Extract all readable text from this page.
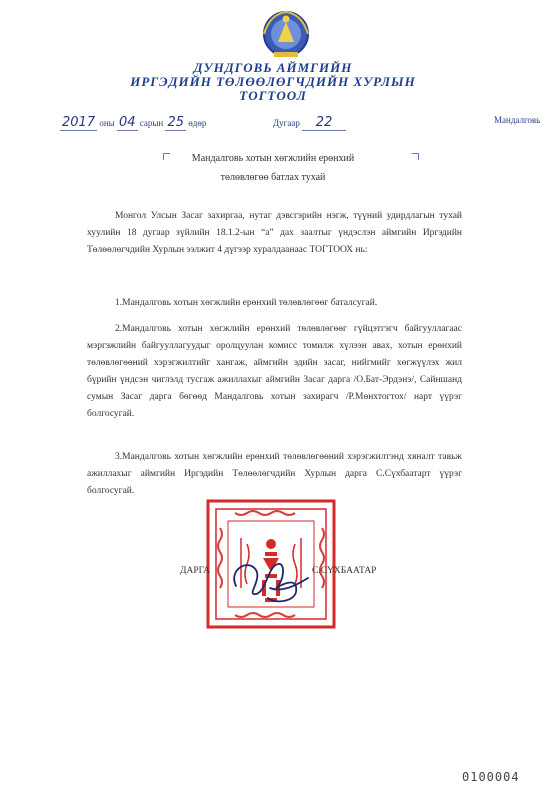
ДУНДГОВЬ АЙМГИЙН
ИРГЭДИЙН ТӨЛӨӨЛӨГЧДИЙН ХУРЛЫН
ТОГТООЛ
2017 оны 04 сарын 25 өдөр	Дугаар 22	Мандалговь
Мандалговь хотын хөгжлийн ерөнхий
төлөвлөгөө батлах тухай
Монгол Улсын Засаг захиргаа, нутаг дэвсгэрийн нэгж, түүний удирдлагын тухай хуулийн 18 дугаар зүйлийн 18.1.2-ын “а” дах заалтыг үндэслэн аймгийн Иргэдийн Төлөөлөгчдийн Хурлын ээлжит 4 дүгээр хуралдаанаас ТОГТООХ нь:
1.Мандалговь хотын хөгжлийн ерөнхий төлөвлөгөөг баталсугай.
2.Мандалговь хотын хөгжлийн ерөнхий төлөвлөгөөг гүйцэтгэгч байгууллагаас мэргэжлийн байгууллагуудыг оролцуулан комисс томилж хүлээн авах, хотын ерөнхий төлөвлөгөөний хэрэгжилтийг хангаж, аймгийн эдийн засаг, нийгмийг хөгжүүлэх жил бүрийн үндсэн чиглэлд тусгаж ажиллахыг аймгийн Засаг дарга /О.Бат-Эрдэнэ/, Сайншанд сумын Засаг дарга бөгөөд Мандалговь хотын захирагч /Р.Мөнхтогтох/ нарт үүрэг болгосугай.
3.Мандалговь хотын хөгжлийн ерөнхий төлөвлөгөөний хэрэгжилтэнд хяналт тавьж ажиллахыг аймгийн Иргэдийн Төлөөлөгчдийн Хурлын дарга С.Сүхбаатарт үүрэг болгосугай.
ДАРГА	С.СҮХБААТАР
0100004
